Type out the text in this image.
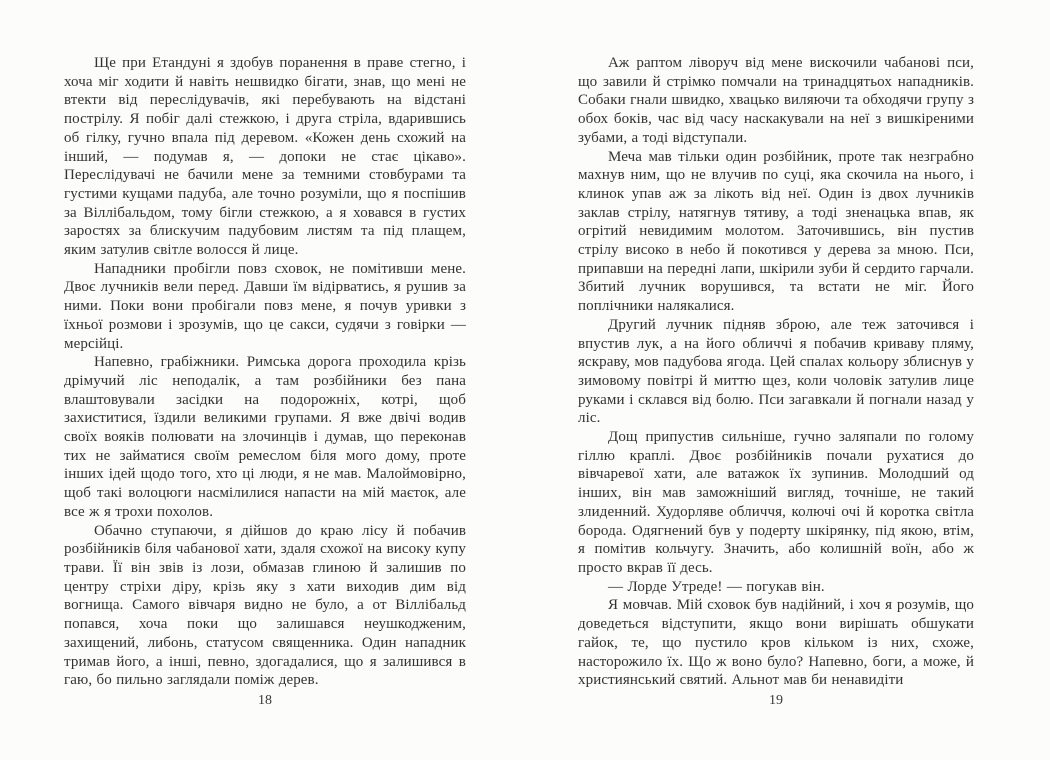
Ще при Етандуні я здобув поранення в праве стегно, і хоча міг ходити й навіть нешвидко бігати, знав, що мені не втекти від переслідувачів, які перебувають на відстані пострілу. Я побіг далі стежкою, і друга стріла, вдарившись об гілку, гучно впала під деревом. «Кожен день схожий на інший, — подумав я, — допоки не стає цікаво». Переслідувачі не бачили мене за темними стовбурами та густими кущами падуба, але точно розуміли, що я поспішив за Віллібальдом, тому бігли стежкою, а я ховався в густих заростях за блискучим падубовим листям та під плащем, яким затулив світле волосся й лице.

Нападники пробігли повз сховок, не помітивши мене. Двоє лучників вели перед. Давши їм відірватись, я рушив за ними. Поки вони пробігали повз мене, я почув уривки з їхньої розмови і зрозумів, що це сакси, судячи з говірки — мерсійці.

Напевно, грабіжники. Римська дорога проходила крізь дрімучий ліс неподалік, а там розбійники без пана влаштовували засідки на подорожніх, котрі, щоб захиститися, їздили великими групами. Я вже двічі водив своїх вояків полювати на злочинців і думав, що переконав тих не займатися своїм ремеслом біля мого дому, проте інших ідей щодо того, хто ці люди, я не мав. Малоймовірно, щоб такі волоцюги насмілилися напасти на мій маєток, але все ж я трохи похолов.

Обачно ступаючи, я дійшов до краю лісу й побачив розбійників біля чабанової хати, здаля схожої на високу купу трави. Її він звів із лози, обмазав глиною й залишив по центру стріхи діру, крізь яку з хати виходив дим від вогнища. Самого вівчаря видно не було, а от Віллібальд попався, хоча поки що залишався неушкодженим, захищений, либонь, статусом священника. Один нападник тримав його, а інші, певно, здогадалися, що я залишився в гаю, бо пильно заглядали поміж дерев.

18

Аж раптом ліворуч від мене вискочили чабанові пси, що завили й стрімко помчали на тринадцятьох нападників. Собаки гнали швидко, хвацько виляючи та обходячи групу з обох боків, час від часу наскакували на неї з вишкіреними зубами, а тоді відступали.

Меча мав тільки один розбійник, проте так незграбно махнув ним, що не влучив по суці, яка скочила на нього, і клинок упав аж за лікоть від неї. Один із двох лучників заклав стрілу, натягнув тятиву, а тоді зненацька впав, як огрітий невидимим молотом. Заточившись, він пустив стрілу високо в небо й покотився у дерева за мною. Пси, припавши на передні лапи, шкірили зуби й сердито гарчали. Збитий лучник ворушився, та встати не міг. Його поплічники налякалися.

Другий лучник підняв зброю, але теж заточився і впустив лук, а на його обличчі я побачив криваву пляму, яскраву, мов падубова ягода. Цей спалах кольору зблиснув у зимовому повітрі й миттю щез, коли чоловік затулив лице руками і склався від болю. Пси загавкали й погнали назад у ліс.

Дощ припустив сильніше, гучно заляпали по голому гіллю краплі. Двоє розбійників почали рухатися до вівчаревої хати, але ватажок їх зупинив. Молодший од інших, він мав заможніший вигляд, точніше, не такий злиденний. Худорляве обличчя, колючі очі й коротка світла борода. Одягнений був у подерту шкірянку, під якою, втім, я помітив кольчугу. Значить, або колишній воїн, або ж просто вкрав її десь.

— Лорде Утреде! — погукав він.

Я мовчав. Мій сховок був надійний, і хоч я розумів, що доведеться відступити, якщо вони вирішать обшукати гайок, те, що пустило кров кільком із них, схоже, насторожило їх. Що ж воно було? Напевно, боги, а може, й християнський святий. Альнот мав би ненавидіти

19
